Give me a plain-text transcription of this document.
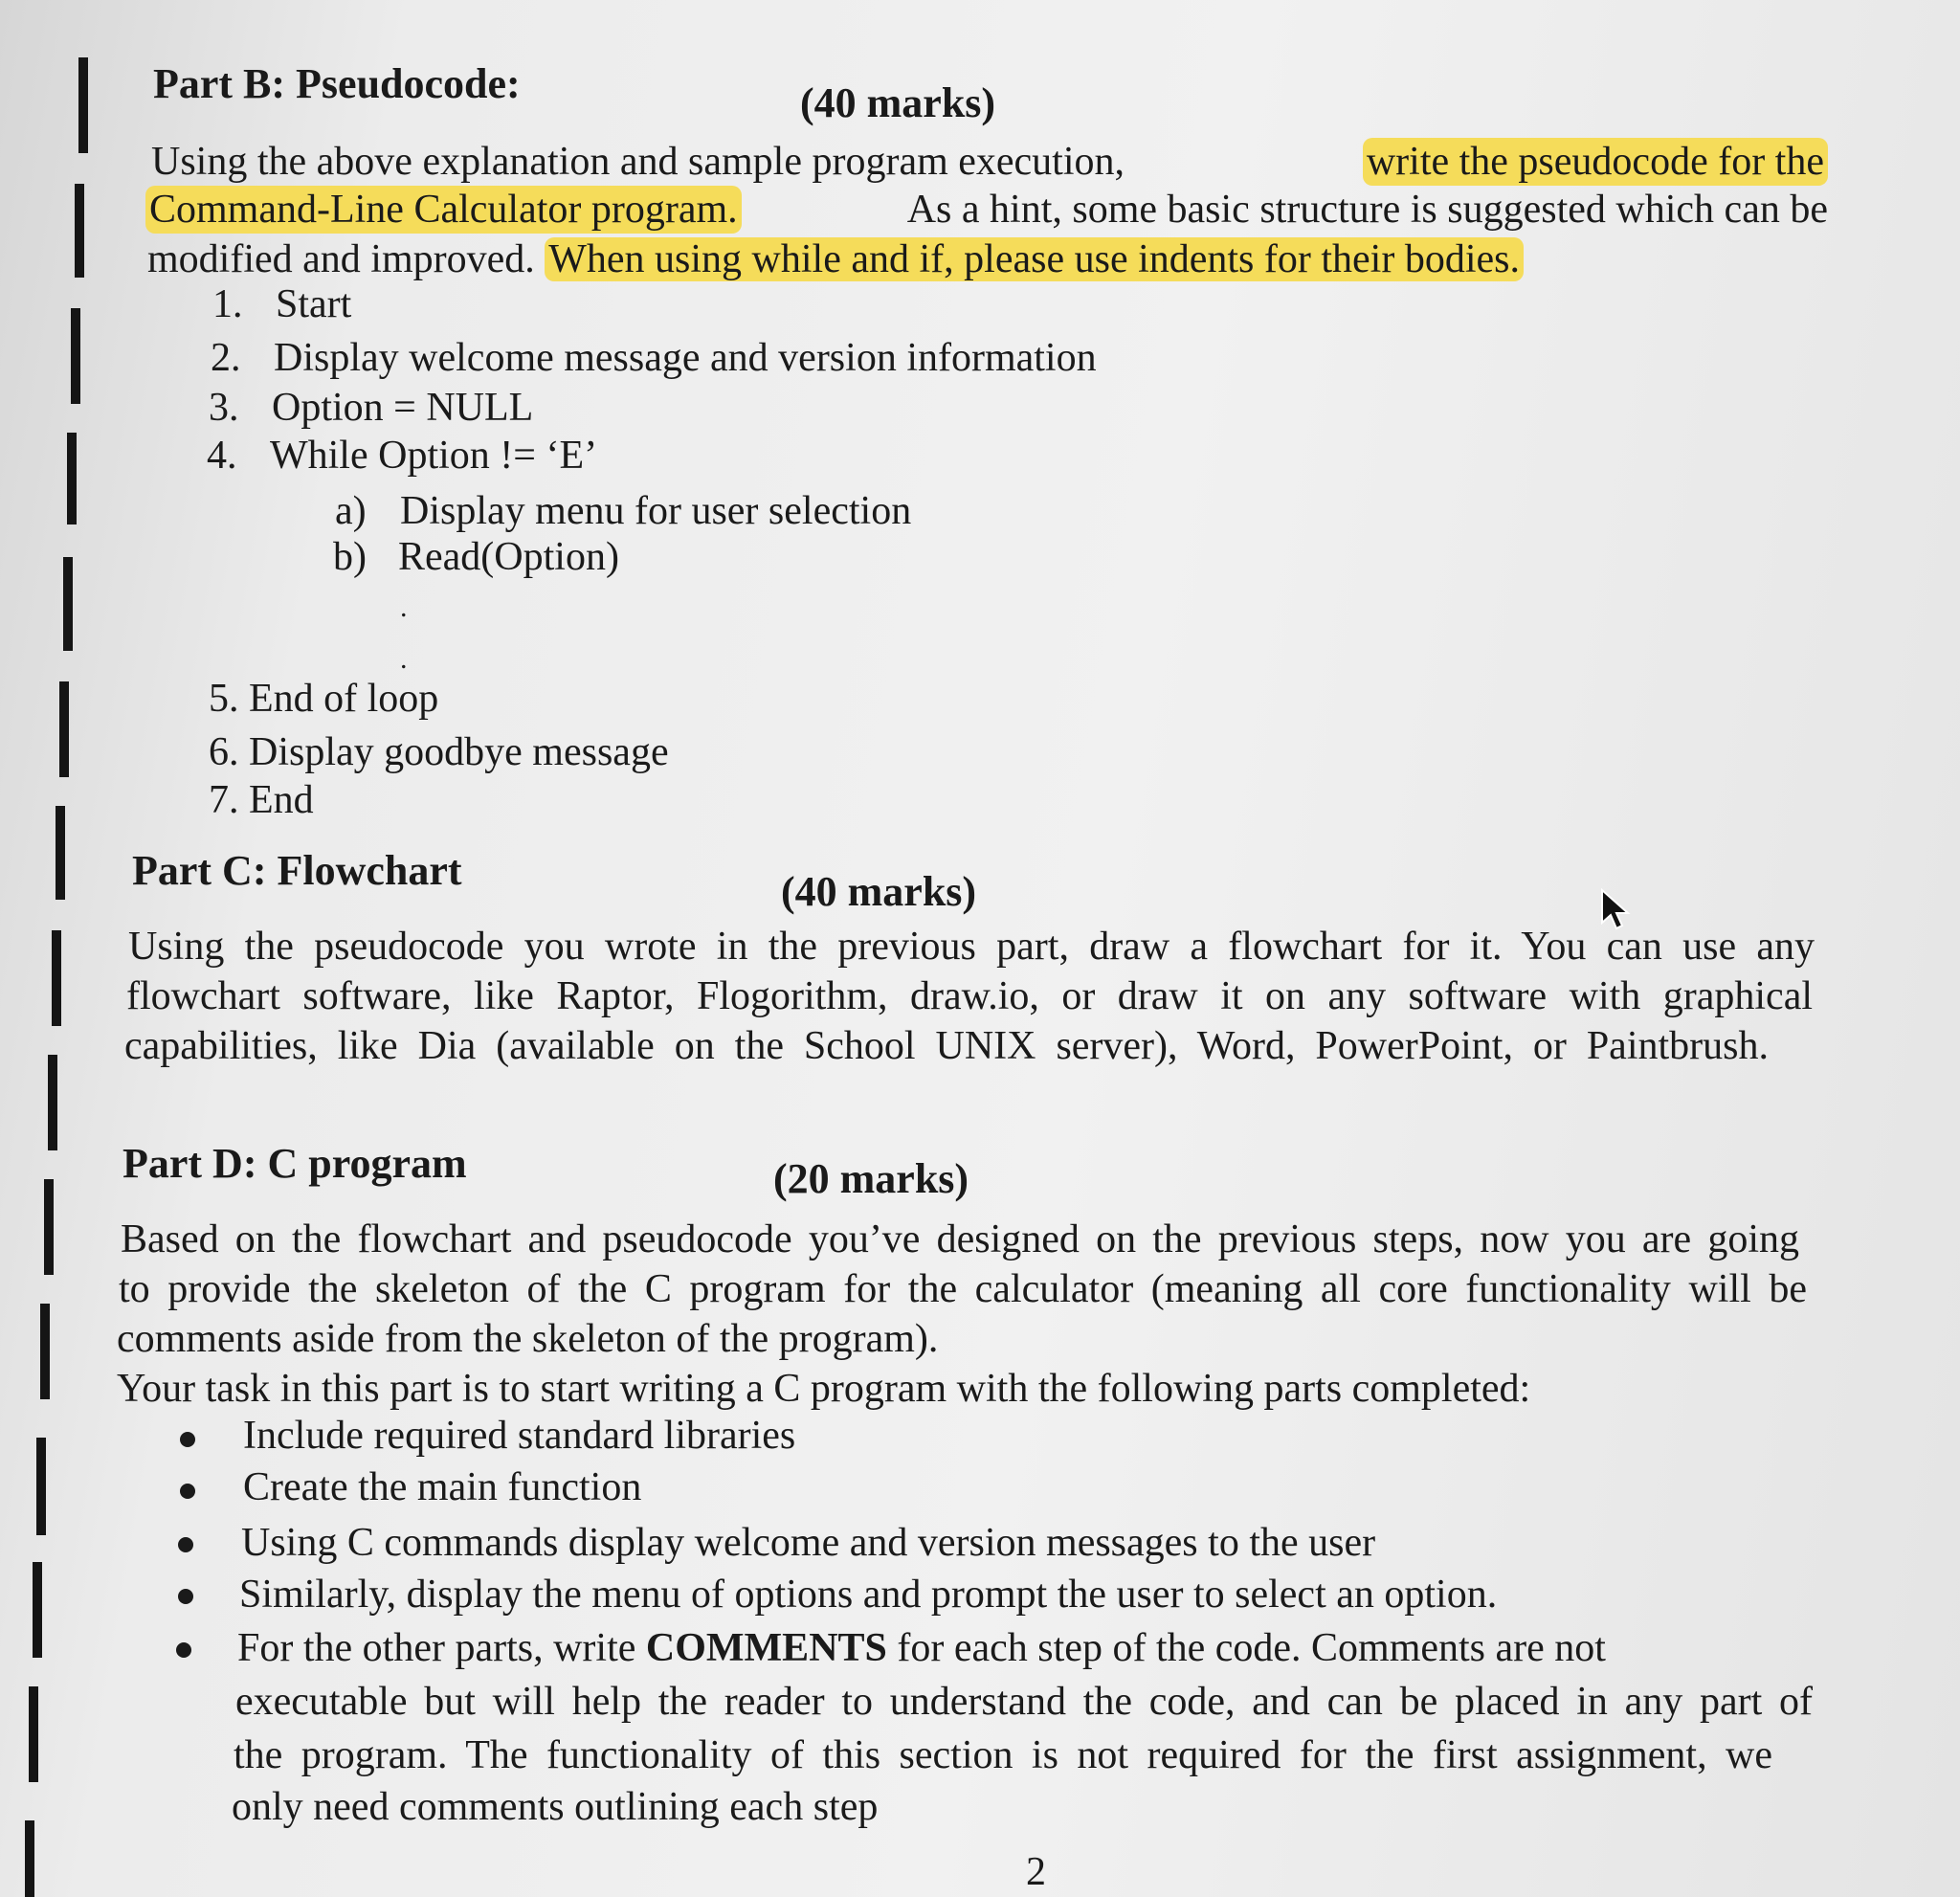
Part B: Pseudocode:	(40 marks)
Using the above explanation and sample program execution,	write the pseudocode for the
Command-Line Calculator program.	As a hint, some basic structure is suggested which can be
modified and improved. When using while and if, please use indents for their bodies.
1. Start
2. Display welcome message and version information
3. Option = NULL
4. While Option != ‘E’
a) Display menu for user selection
b) Read(Option)
.
.
5. End of loop
6. Display goodbye message
7. End
Part C: Flowchart	(40 marks)
Using the pseudocode you wrote in the previous part, draw a flowchart for it. You can use any
flowchart software, like Raptor, Flogorithm, draw.io, or draw it on any software with graphical
capabilities, like Dia (available on the School UNIX server), Word, PowerPoint, or Paintbrush.
Part D: C program	(20 marks)
Based on the flowchart and pseudocode you’ve designed on the previous steps, now you are going
to provide the skeleton of the C program for the calculator (meaning all core functionality will be
comments aside from the skeleton of the program).
Your task in this part is to start writing a C program with the following parts completed:
Include required standard libraries
Create the main function
Using C commands display welcome and version messages to the user
Similarly, display the menu of options and prompt the user to select an option.
For the other parts, write COMMENTS for each step of the code. Comments are not
executable but will help the reader to understand the code, and can be placed in any part of
the program. The functionality of this section is not required for the first assignment, we
only need comments outlining each step
2
